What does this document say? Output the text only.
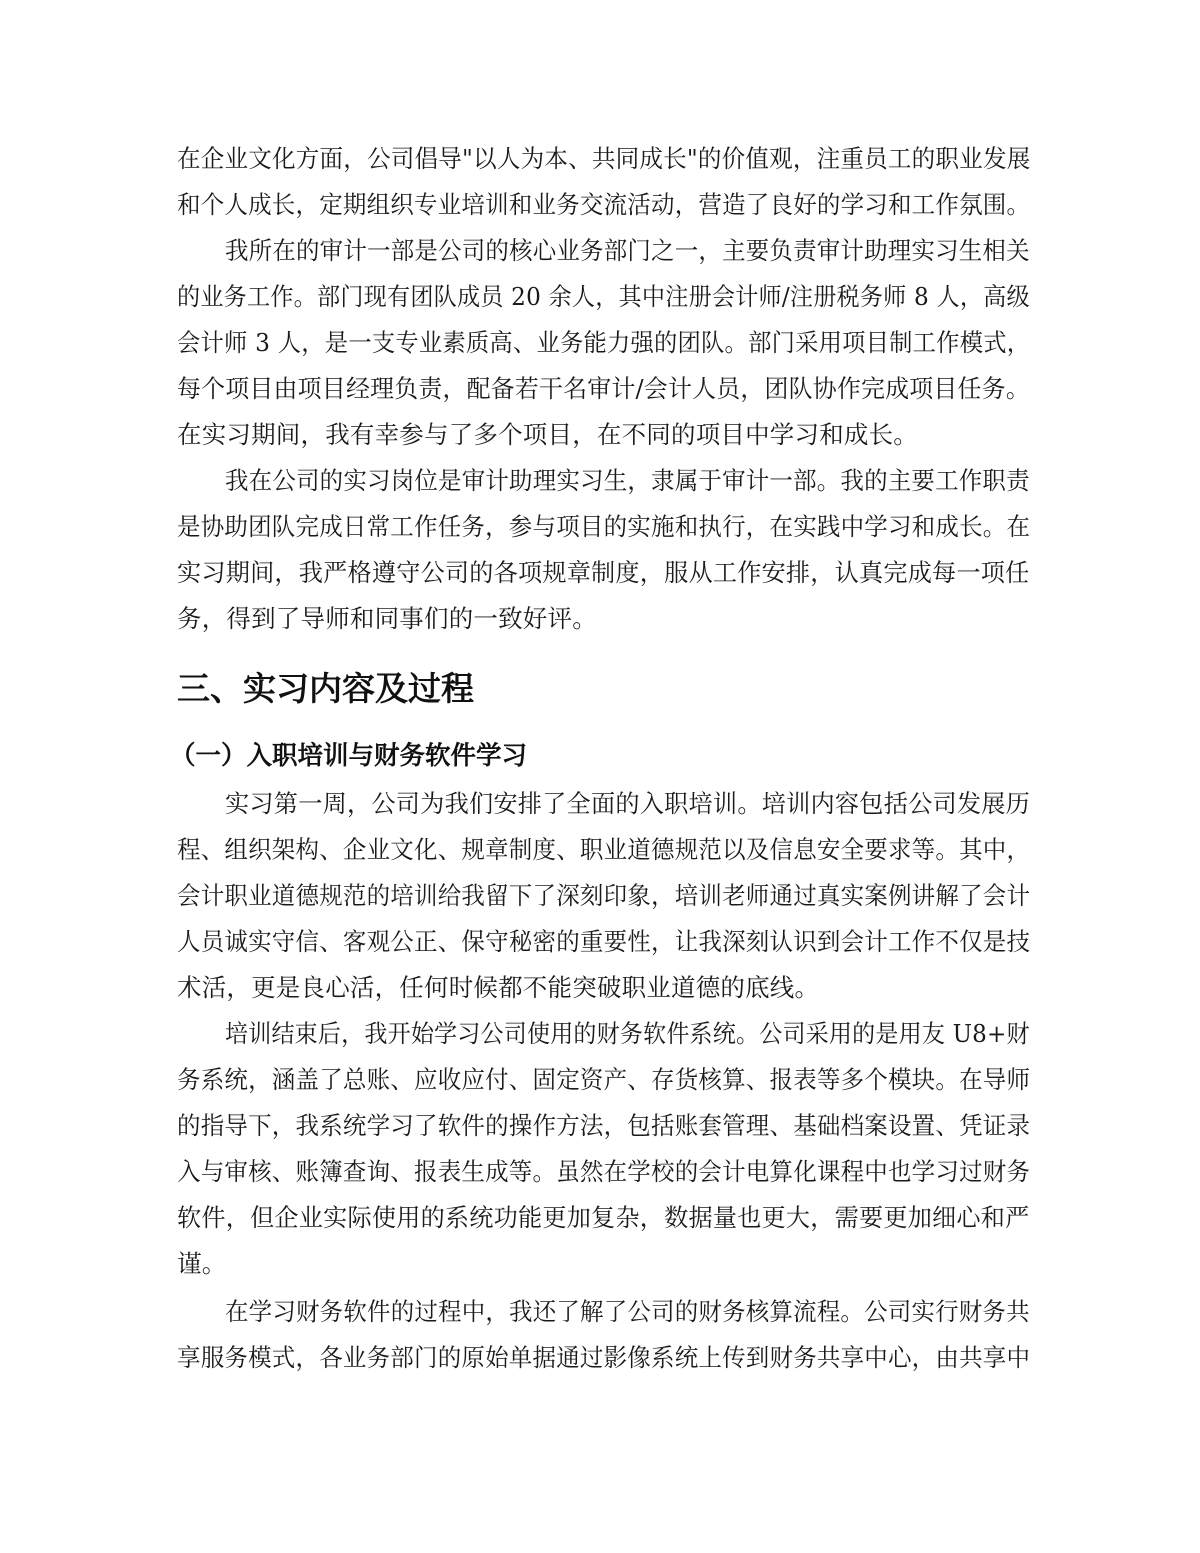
在企业文化方面，公司倡导"以人为本、共同成长"的价值观，注重员工的职业发展
和个人成长，定期组织专业培训和业务交流活动，营造了良好的学习和工作氛围。
我所在的审计一部是公司的核心业务部门之一，主要负责审计助理实习生相关
的业务工作。部门现有团队成员 20 余人，其中注册会计师/注册税务师 8 人，高级
会计师 3 人，是一支专业素质高、业务能力强的团队。部门采用项目制工作模式，
每个项目由项目经理负责，配备若干名审计/会计人员，团队协作完成项目任务。
在实习期间，我有幸参与了多个项目，在不同的项目中学习和成长。
我在公司的实习岗位是审计助理实习生，隶属于审计一部。我的主要工作职责
是协助团队完成日常工作任务，参与项目的实施和执行，在实践中学习和成长。在
实习期间，我严格遵守公司的各项规章制度，服从工作安排，认真完成每一项任
务，得到了导师和同事们的一致好评。
三、实习内容及过程
（一）入职培训与财务软件学习
实习第一周，公司为我们安排了全面的入职培训。培训内容包括公司发展历
程、组织架构、企业文化、规章制度、职业道德规范以及信息安全要求等。其中，
会计职业道德规范的培训给我留下了深刻印象，培训老师通过真实案例讲解了会计
人员诚实守信、客观公正、保守秘密的重要性，让我深刻认识到会计工作不仅是技
术活，更是良心活，任何时候都不能突破职业道德的底线。
培训结束后，我开始学习公司使用的财务软件系统。公司采用的是用友 U8+财
务系统，涵盖了总账、应收应付、固定资产、存货核算、报表等多个模块。在导师
的指导下，我系统学习了软件的操作方法，包括账套管理、基础档案设置、凭证录
入与审核、账簿查询、报表生成等。虽然在学校的会计电算化课程中也学习过财务
软件，但企业实际使用的系统功能更加复杂，数据量也更大，需要更加细心和严
谨。
在学习财务软件的过程中，我还了解了公司的财务核算流程。公司实行财务共
享服务模式，各业务部门的原始单据通过影像系统上传到财务共享中心，由共享中
